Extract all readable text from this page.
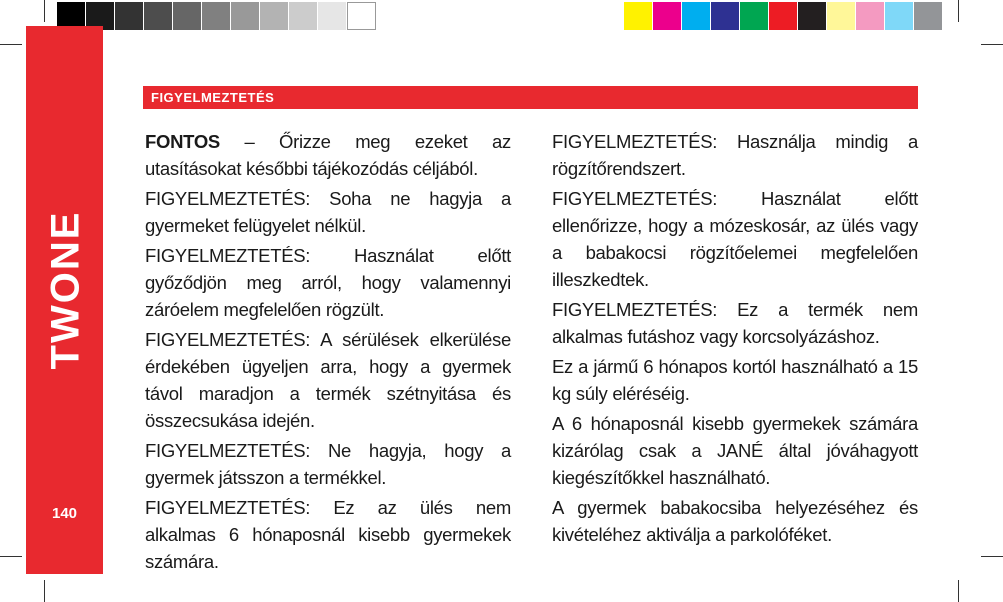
TWONE
140
FIGYELMEZTETÉS

FONTOS – Őrizze meg ezeket az utasításokat későbbi tájékozódás céljából.

FIGYELMEZTETÉS: Soha ne hagyja a gyermeket felügyelet nélkül.

FIGYELMEZTETÉS: Használat előtt győződjön meg arról, hogy valamennyi záróelem megfelelően rögzült.

FIGYELMEZTETÉS: A sérülések elkerülése érdekében ügyeljen arra, hogy a gyermek távol maradjon a termék szétnyitása és összecsukása idején.

FIGYELMEZTETÉS: Ne hagyja, hogy a gyermek játsszon a termékkel.

FIGYELMEZTETÉS: Ez az ülés nem alkalmas 6 hónaposnál kisebb gyermekek számára.

FIGYELMEZTETÉS: Használja mindig a rögzítőrendszert.

FIGYELMEZTETÉS: Használat előtt ellenőrizze, hogy a mózeskosár, az ülés vagy a babakocsi rögzítőelemei megfelelően illeszkedtek.

FIGYELMEZTETÉS: Ez a termék nem alkalmas futáshoz vagy korcsolyázáshoz.

Ez a jármű 6 hónapos kortól használható a 15 kg súly eléréséig.

A 6 hónaposnál kisebb gyermekek számára kizárólag csak a JANÉ által jóváhagyott kiegészítőkkel használható.

A gyermek babakocsiba helyezéséhez és kivételéhez aktiválja a parkolóféket.
